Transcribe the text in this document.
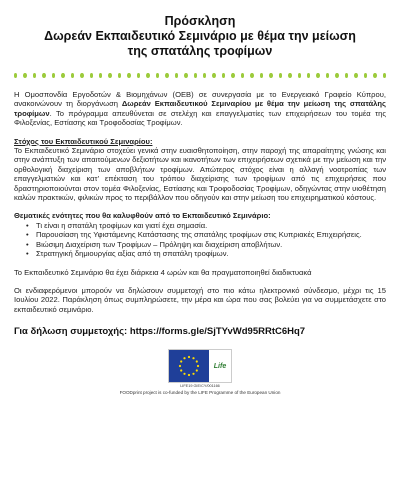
Πρόσκληση
Δωρεάν Εκπαιδευτικό Σεμινάριο με θέμα την μείωση
της σπατάλης τροφίμων

Η Ομοσπονδία Εργοδοτών & Βιομηχάνων (ΟΕΒ) σε συνεργασία με το Ενεργειακό Γραφείο Κύπρου, ανακοινώνουν τη διοργάνωση Δωρεάν Εκπαιδευτικού Σεμιναρίου με θέμα την μείωση της σπατάλης τροφίμων. Το πρόγραμμα απευθύνεται σε στελέχη και επαγγελματίες των επιχειρήσεων του τομέα της Φιλοξενίας, Εστίασης και Τροφοδοσίας Τροφίμων.

Στόχος του Εκπαιδευτικού Σεμιναρίου:

Το Εκπαιδευτικό Σεμινάριο στοχεύει γενικά στην ευαισθητοποίηση, στην παροχή της απαραίτητης γνώσης και στην ανάπτυξη των απαιτούμενων δεξιοτήτων και ικανοτήτων των επιχειρήσεων σχετικά με την μείωση και την ορθολογική διαχείριση των αποβλήτων τροφίμων. Απώτερος στόχος είναι η αλλαγή νοοτροπίας των επαγγελματιών και κατ’ επέκταση του τρόπου διαχείρισης των τροφίμων από τις επιχειρήσεις που δραστηριοποιούνται στον τομέα Φιλοξενίας, Εστίασης και Τροφοδοσίας Τροφίμων, οδηγώντας στην υιοθέτηση καλών πρακτικών, φιλικών προς το περιβάλλον που οδηγούν και στην μείωση του επιχειρηματικού κόστους.

Θεματικές ενότητες που θα καλυφθούν από το Εκπαιδευτικό Σεμινάριο:
• Τι είναι η σπατάλη τροφίμων και γιατί έχει σημασία.
• Παρουσίαση της Υφιστάμενης Κατάστασης της σπατάλης τροφίμων στις Κυπριακές Επιχειρήσεις.
• Βιώσιμη Διαχείριση των Τροφίμων – Πρόληψη και διαχείριση αποβλήτων.
• Στρατηγική δημιουργίας αξίας από τη σπατάλη τροφίμων.

Το Εκπαιδευτικό Σεμινάριο θα έχει διάρκεια 4 ωρών και θα πραγματοποιηθεί διαδικτυακά

Οι ενδιαφερόμενοι μπορούν να δηλώσουν συμμετοχή στο πιο κάτω ηλεκτρονικό σύνδεσμο, μέχρι τις 15 Ιουλίου 2022. Παράκληση όπως συμπληρώσετε, την μέρα και ώρα που σας βολεύει για να συμμετάσχετε στο εκπαιδευτικό σεμινάριο.

Για δήλωση συμμετοχής: https://forms.gle/SjTYvWd95RRtC6Hq7
Life
LIFE19 GIE/CY/001166
FOODprint project is co-funded by the LIFE Programme of the European Union
